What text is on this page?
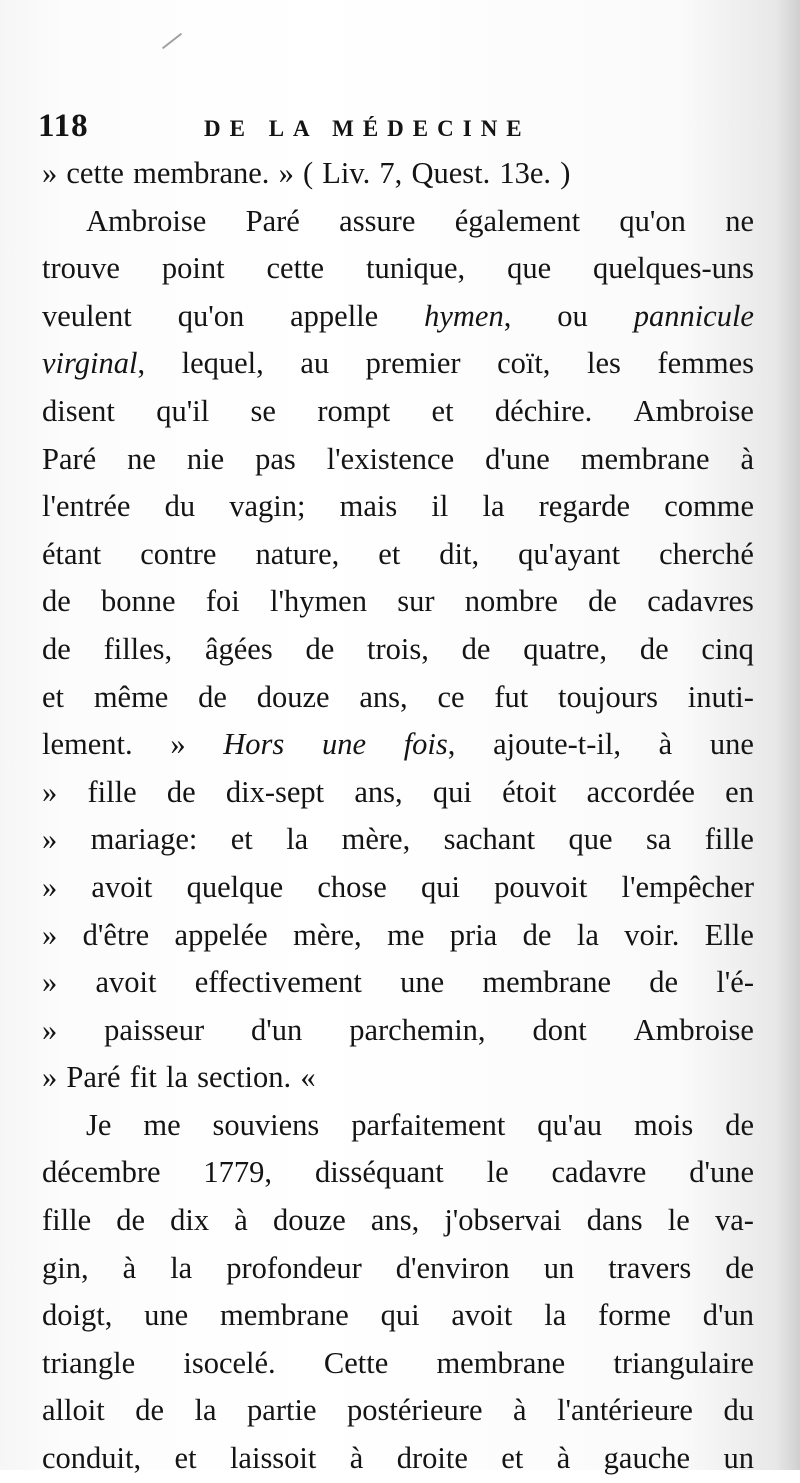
118	DE LA MÉDECINE
» cette membrane. » ( Liv. 7, Quest. 13e. )
Ambroise Paré assure également qu'on ne
trouve point cette tunique, que quelques-uns
veulent qu'on appelle hymen, ou pannicule
virginal, lequel, au premier coït, les femmes
disent qu'il se rompt et déchire. Ambroise
Paré ne nie pas l'existence d'une membrane à
l'entrée du vagin; mais il la regarde comme
étant contre nature, et dit, qu'ayant cherché
de bonne foi l'hymen sur nombre de cadavres
de filles, âgées de trois, de quatre, de cinq
et même de douze ans, ce fut toujours inuti-
lement. » Hors une fois, ajoute-t-il, à une
» fille de dix-sept ans, qui étoit accordée en
» mariage: et la mère, sachant que sa fille
» avoit quelque chose qui pouvoit l'empêcher
» d'être appelée mère, me pria de la voir. Elle
» avoit effectivement une membrane de l'é-
» paisseur d'un parchemin, dont Ambroise
» Paré fit la section. «
Je me souviens parfaitement qu'au mois de
décembre 1779, disséquant le cadavre d'une
fille de dix à douze ans, j'observai dans le va-
gin, à la profondeur d'environ un travers de
doigt, une membrane qui avoit la forme d'un
triangle isocelé. Cette membrane triangulaire
alloit de la partie postérieure à l'antérieure du
conduit, et laissoit à droite et à gauche un
